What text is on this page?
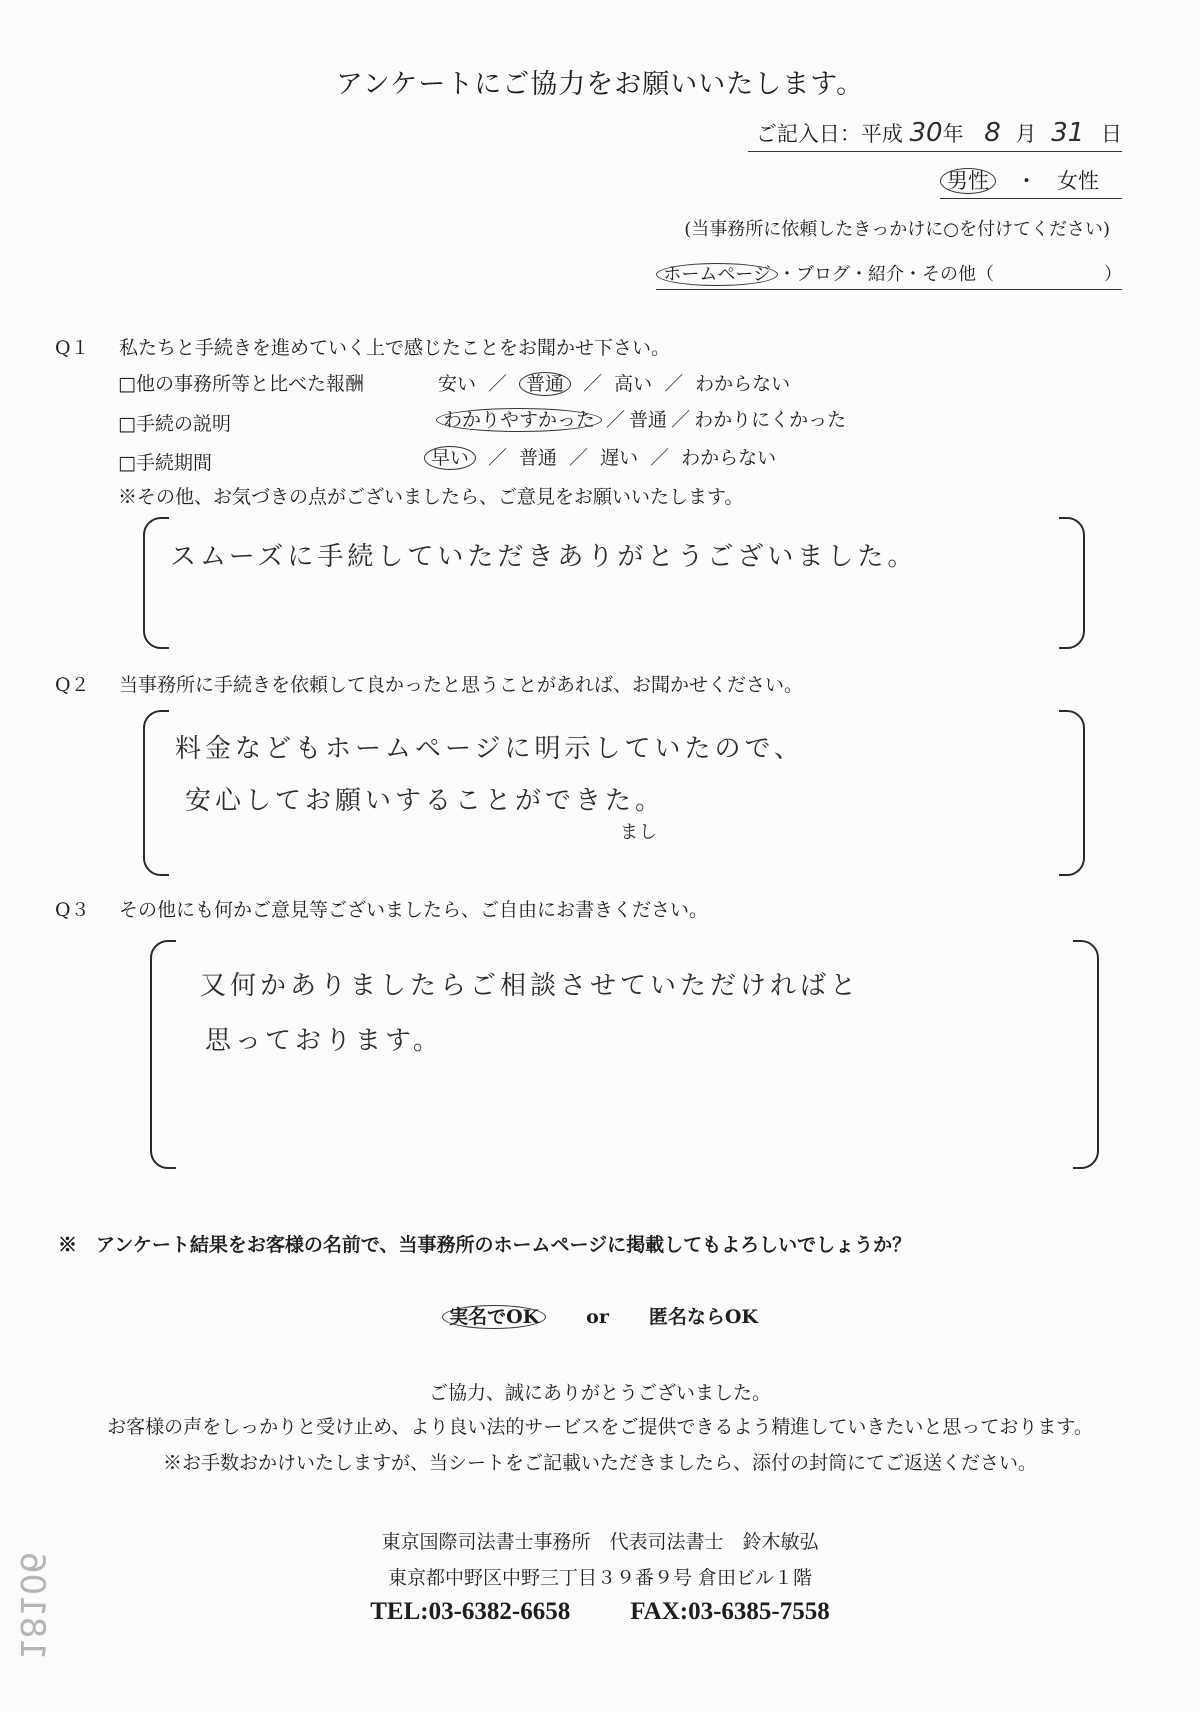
アンケートにご協力をお願いいたします。
ご記入日：平成 30年 8 月 31 日
男性 ・ 女性
(当事務所に依頼したきっかけに○を付けてください)
ホームページ ・ブログ・紹介・その他（	）
Q１ 私たちと手続きを進めていく上で感じたことをお聞かせ下さい。
□他の事務所等と比べた報酬	安い ／ 普通 ／ 高い ／ わからない
□手続の説明	わかりやすかった ／ 普通 ／ わかりにくかった
□手続期間	早い ／ 普通 ／ 遅い ／ わからない
※その他、お気づきの点がございましたら、ご意見をお願いいたします。
スムーズに手続していただきありがとうございました。
Q２ 当事務所に手続きを依頼して良かったと思うことがあれば、お聞かせください。
料金などもホームページに明示していたので、
安心してお願いすることができた。
まし
Q３ その他にも何かご意見等ございましたら、ご自由にお書きください。
又何かありましたらご相談させていただければと
思っております。
※　アンケート結果をお客様の名前で、当事務所のホームページに掲載してもよろしいでしょうか？
実名でOK or 匿名ならOK
ご協力、誠にありがとうございました。
お客様の声をしっかりと受け止め、より良い法的サービスをご提供できるよう精進していきたいと思っております。
※お手数おかけいたしますが、当シートをご記載いただきましたら、添付の封筒にてご返送ください。
東京国際司法書士事務所　代表司法書士　鈴木敏弘
東京都中野区中野三丁目３９番９号 倉田ビル１階
TEL:03-6382-6658 FAX:03-6385-7558
18106
